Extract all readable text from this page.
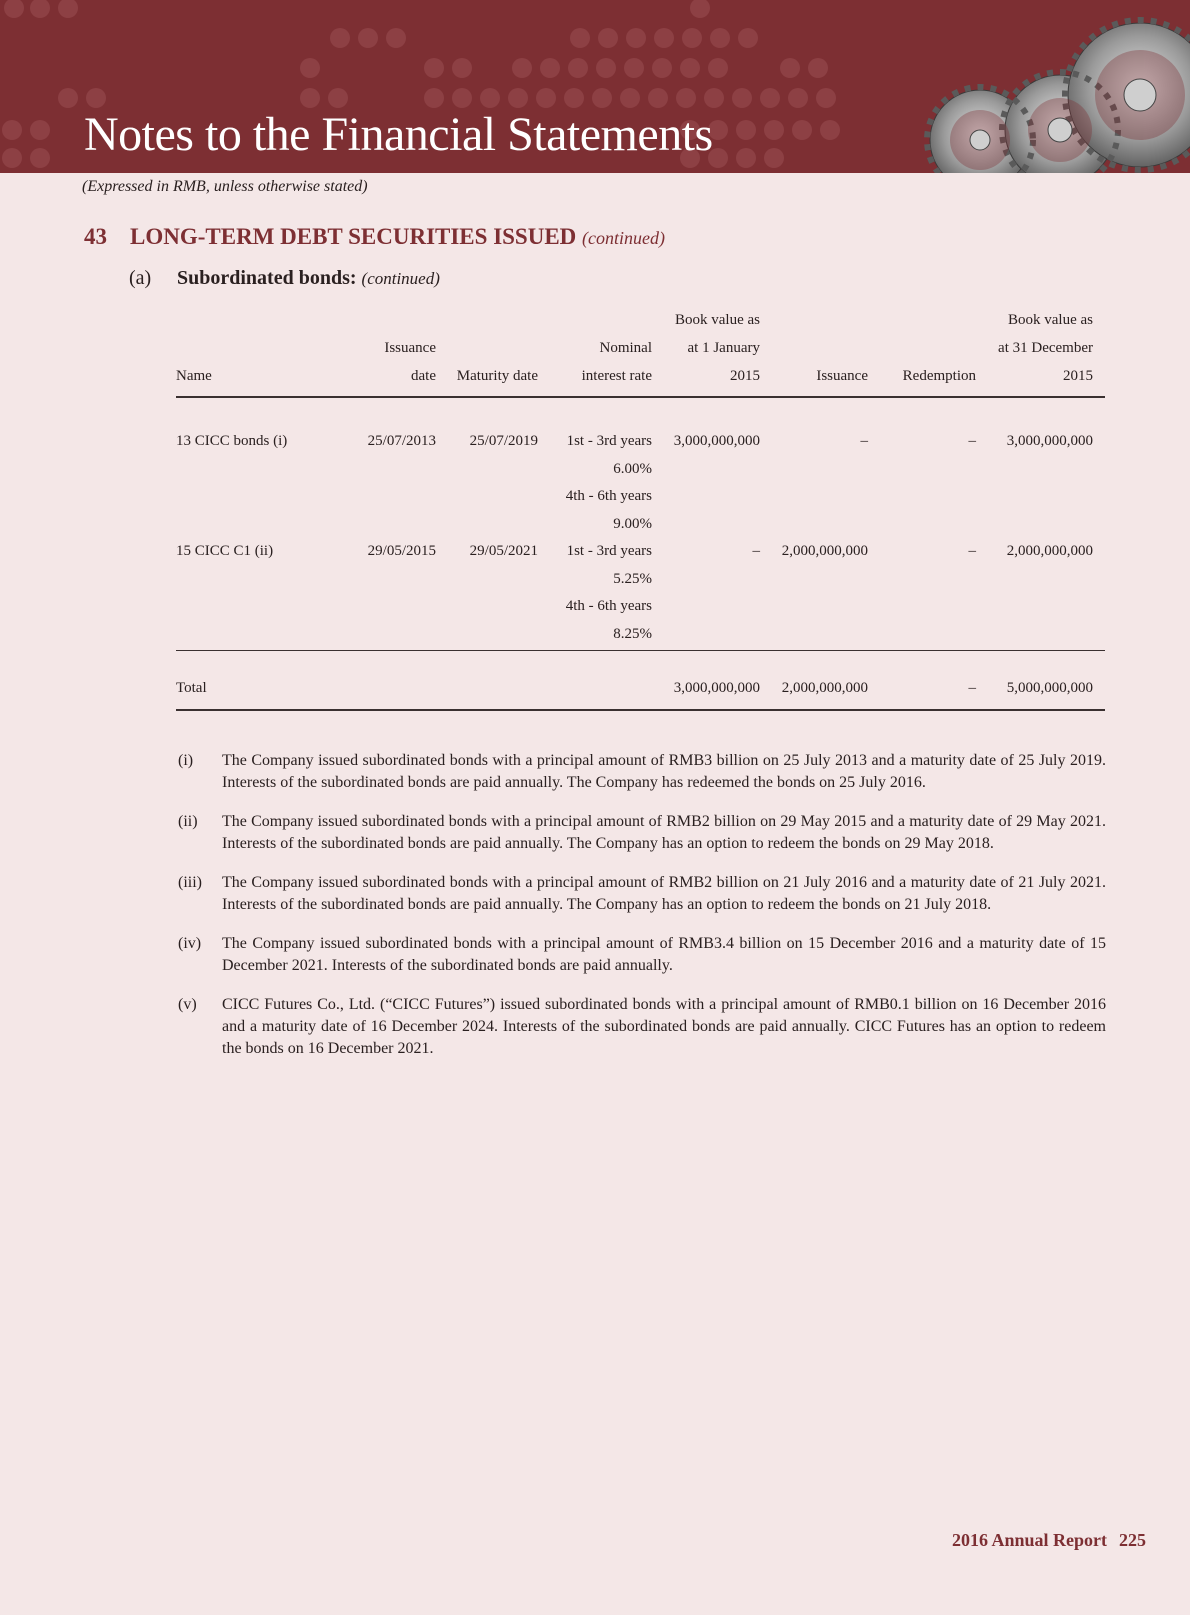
Notes to the Financial Statements
(Expressed in RMB, unless otherwise stated)
43 LONG-TERM DEBT SECURITIES ISSUED (continued)
(a) Subordinated bonds: (continued)
Name	Issuance date	Maturity date	Nominal
interest rate	Book value as
at 1 January
2015	Issuance	Redemption	Book value as
at 31 December
2015

13 CICC bonds (i)	25/07/2013	25/07/2019	1st - 3rd years
6.00%
4th - 6th years
9.00%	3,000,000,000	–	–	3,000,000,000
15 CICC C1 (ii)	29/05/2015	29/05/2021	1st - 3rd years
5.25%
4th - 6th years
8.25%	–	2,000,000,000	–	2,000,000,000

Total				3,000,000,000	2,000,000,000	–	5,000,000,000
(i)	The Company issued subordinated bonds with a principal amount of RMB3 billion on 25 July 2013 and a maturity date of 25 July 2019. Interests of the subordinated bonds are paid annually. The Company has redeemed the bonds on 25 July 2016.
(ii)	The Company issued subordinated bonds with a principal amount of RMB2 billion on 29 May 2015 and a maturity date of 29 May 2021. Interests of the subordinated bonds are paid annually. The Company has an option to redeem the bonds on 29 May 2018.
(iii)	The Company issued subordinated bonds with a principal amount of RMB2 billion on 21 July 2016 and a maturity date of 21 July 2021. Interests of the subordinated bonds are paid annually. The Company has an option to redeem the bonds on 21 July 2018.
(iv)	The Company issued subordinated bonds with a principal amount of RMB3.4 billion on 15 December 2016 and a maturity date of 15 December 2021. Interests of the subordinated bonds are paid annually.
(v)	CICC Futures Co., Ltd. (“CICC Futures”) issued subordinated bonds with a principal amount of RMB0.1 billion on 16 December 2016 and a maturity date of 16 December 2024. Interests of the subordinated bonds are paid annually. CICC Futures has an option to redeem the bonds on 16 December 2021.
2016 Annual Report 225
